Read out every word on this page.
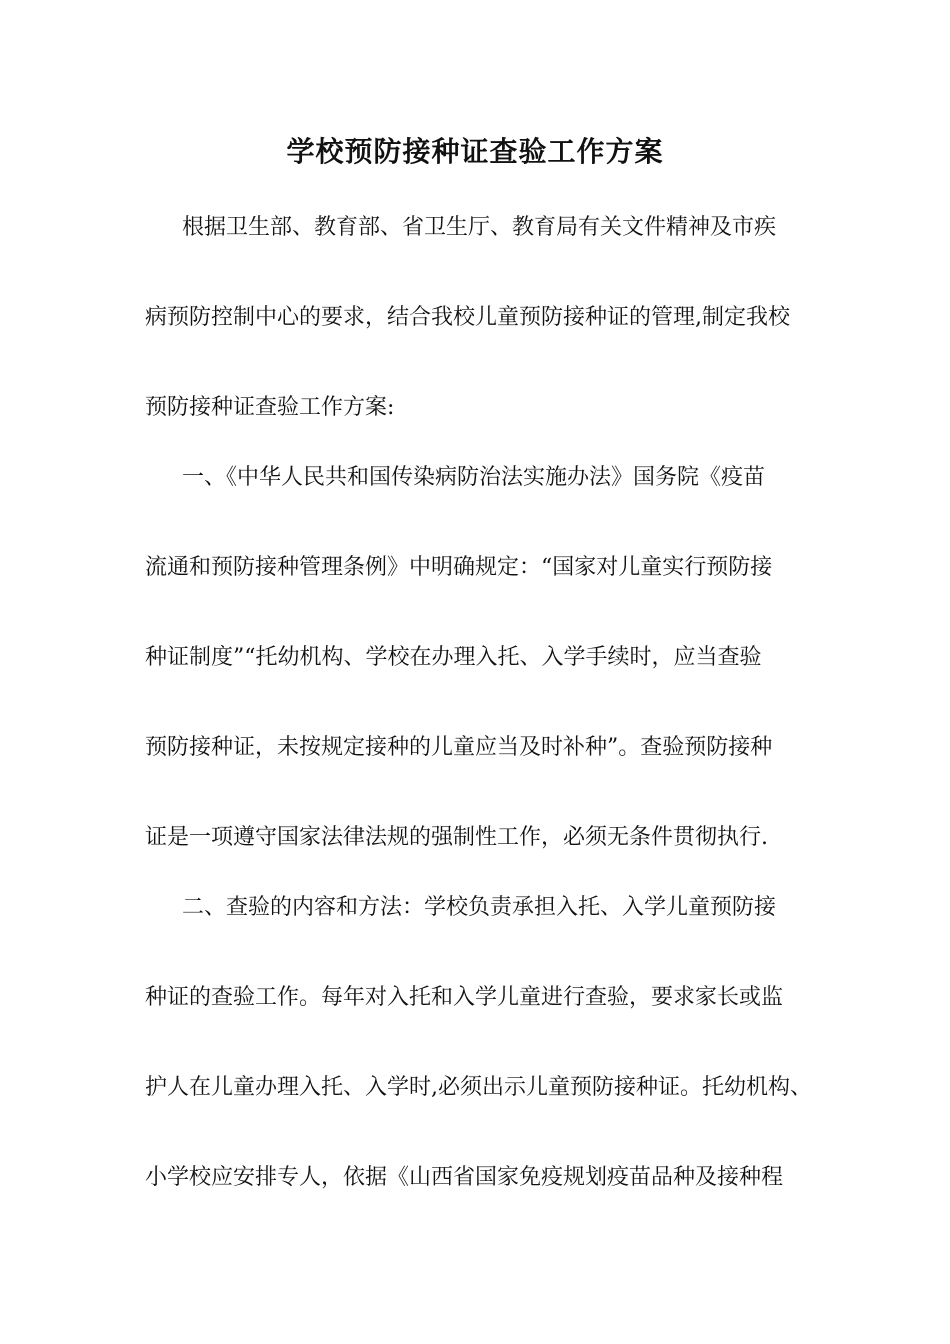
学校预防接种证查验工作方案
根据卫生部、教育部、省卫生厅、教育局有关文件精神及市疾
病预防控制中心的要求，结合我校儿童预防接种证的管理,制定我校
预防接种证查验工作方案:
一、《中华人民共和国传染病防治法实施办法》国务院《疫苗
流通和预防接种管理条例》中明确规定：“国家对儿童实行预防接
种证制度”“托幼机构、学校在办理入托、入学手续时，应当查验
预防接种证，未按规定接种的儿童应当及时补种”。查验预防接种
证是一项遵守国家法律法规的强制性工作，必须无条件贯彻执行.
二、查验的内容和方法：学校负责承担入托、入学儿童预防接
种证的查验工作。每年对入托和入学儿童进行查验，要求家长或监
护人在儿童办理入托、入学时,必须出示儿童预防接种证。托幼机构、
小学校应安排专人，依据《山西省国家免疫规划疫苗品种及接种程
